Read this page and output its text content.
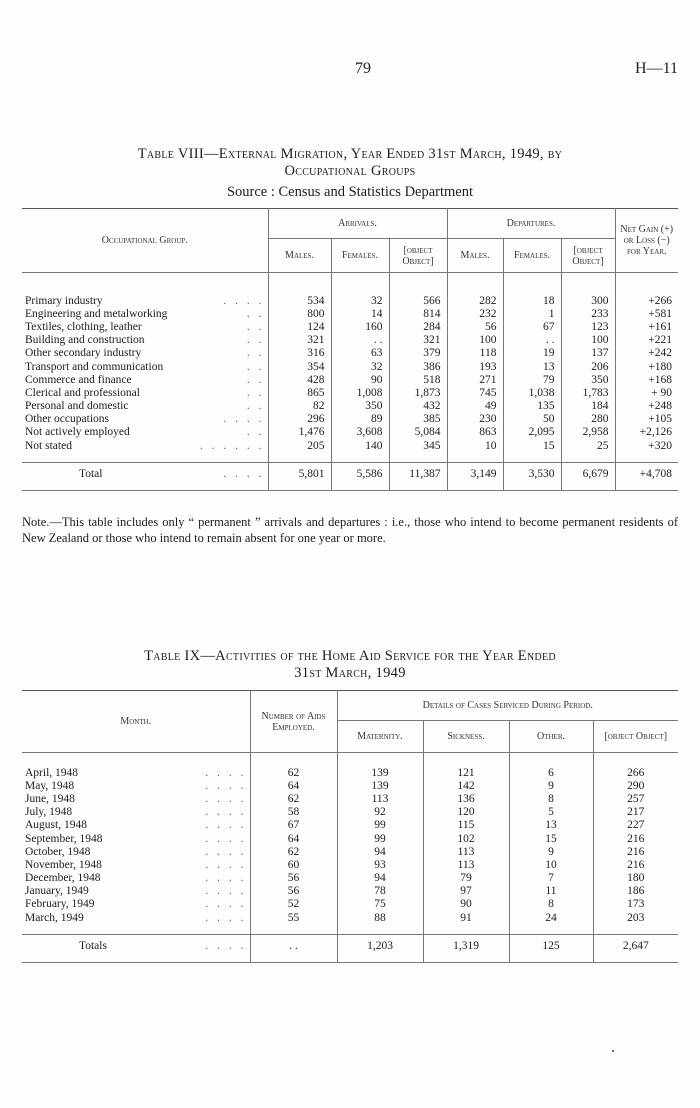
79	H—11
Table VIII—External Migration, Year Ended 31st March, 1949, by
Occupational Groups
Source : Census and Statistics Department
Occupational Group.	Arrivals.			Departures.			Net Gain (+) or Loss (−) for Year.
	Males.	Females.	[object Object]	Males.	Females.	[object Object]	

Primary industry . . . .	534	32	566	282	18	300	+266
Engineering and metalworking . .	800	14	814	232	1	233	+581
Textiles, clothing, leather . .	124	160	284	56	67	123	+161
Building and construction . .	321	. .	321	100	. .	100	+221
Other secondary industry . .	316	63	379	118	19	137	+242
Transport and communication . .	354	32	386	193	13	206	+180
Commerce and finance . .	428	90	518	271	79	350	+168
Clerical and professional . .	865	1,008	1,873	745	1,038	1,783	+ 90
Personal and domestic . .	82	350	432	49	135	184	+248
Other occupations . . . .	296	89	385	230	50	280	+105
Not actively employed . .	1,476	3,608	5,084	863	2,095	2,958	+2,126
Not stated . . . . . .	205	140	345	10	15	25	+320

Total . . . .	5,801	5,586	11,387	3,149	3,530	6,679	+4,708

Note.—This table includes only “ permanent ” arrivals and departures : i.e., those who intend to become permanent residents of New Zealand or those who intend to remain absent for one year or more.
Table IX—Activities of the Home Aid Service for the Year Ended
31st March, 1949
Month.	Number of Aids Employed.	Details of Cases Serviced During Period.			
		Maternity.	Sickness.	Other.	[object Object]

April, 1948 . . . .	62	139	121	6	266
May, 1948 . . . .	64	139	142	9	290
June, 1948 . . . .	62	113	136	8	257
July, 1948 . . . .	58	92	120	5	217
August, 1948 . . . .	67	99	115	13	227
September, 1948 . . . .	64	99	102	15	216
October, 1948 . . . .	62	94	113	9	216
November, 1948 . . . .	60	93	113	10	216
December, 1948 . . . .	56	94	79	7	180
January, 1949 . . . .	56	78	97	11	186
February, 1949 . . . .	52	75	90	8	173
March, 1949 . . . .	55	88	91	24	203

Totals . . . .	. .	1,203	1,319	125	2,647
